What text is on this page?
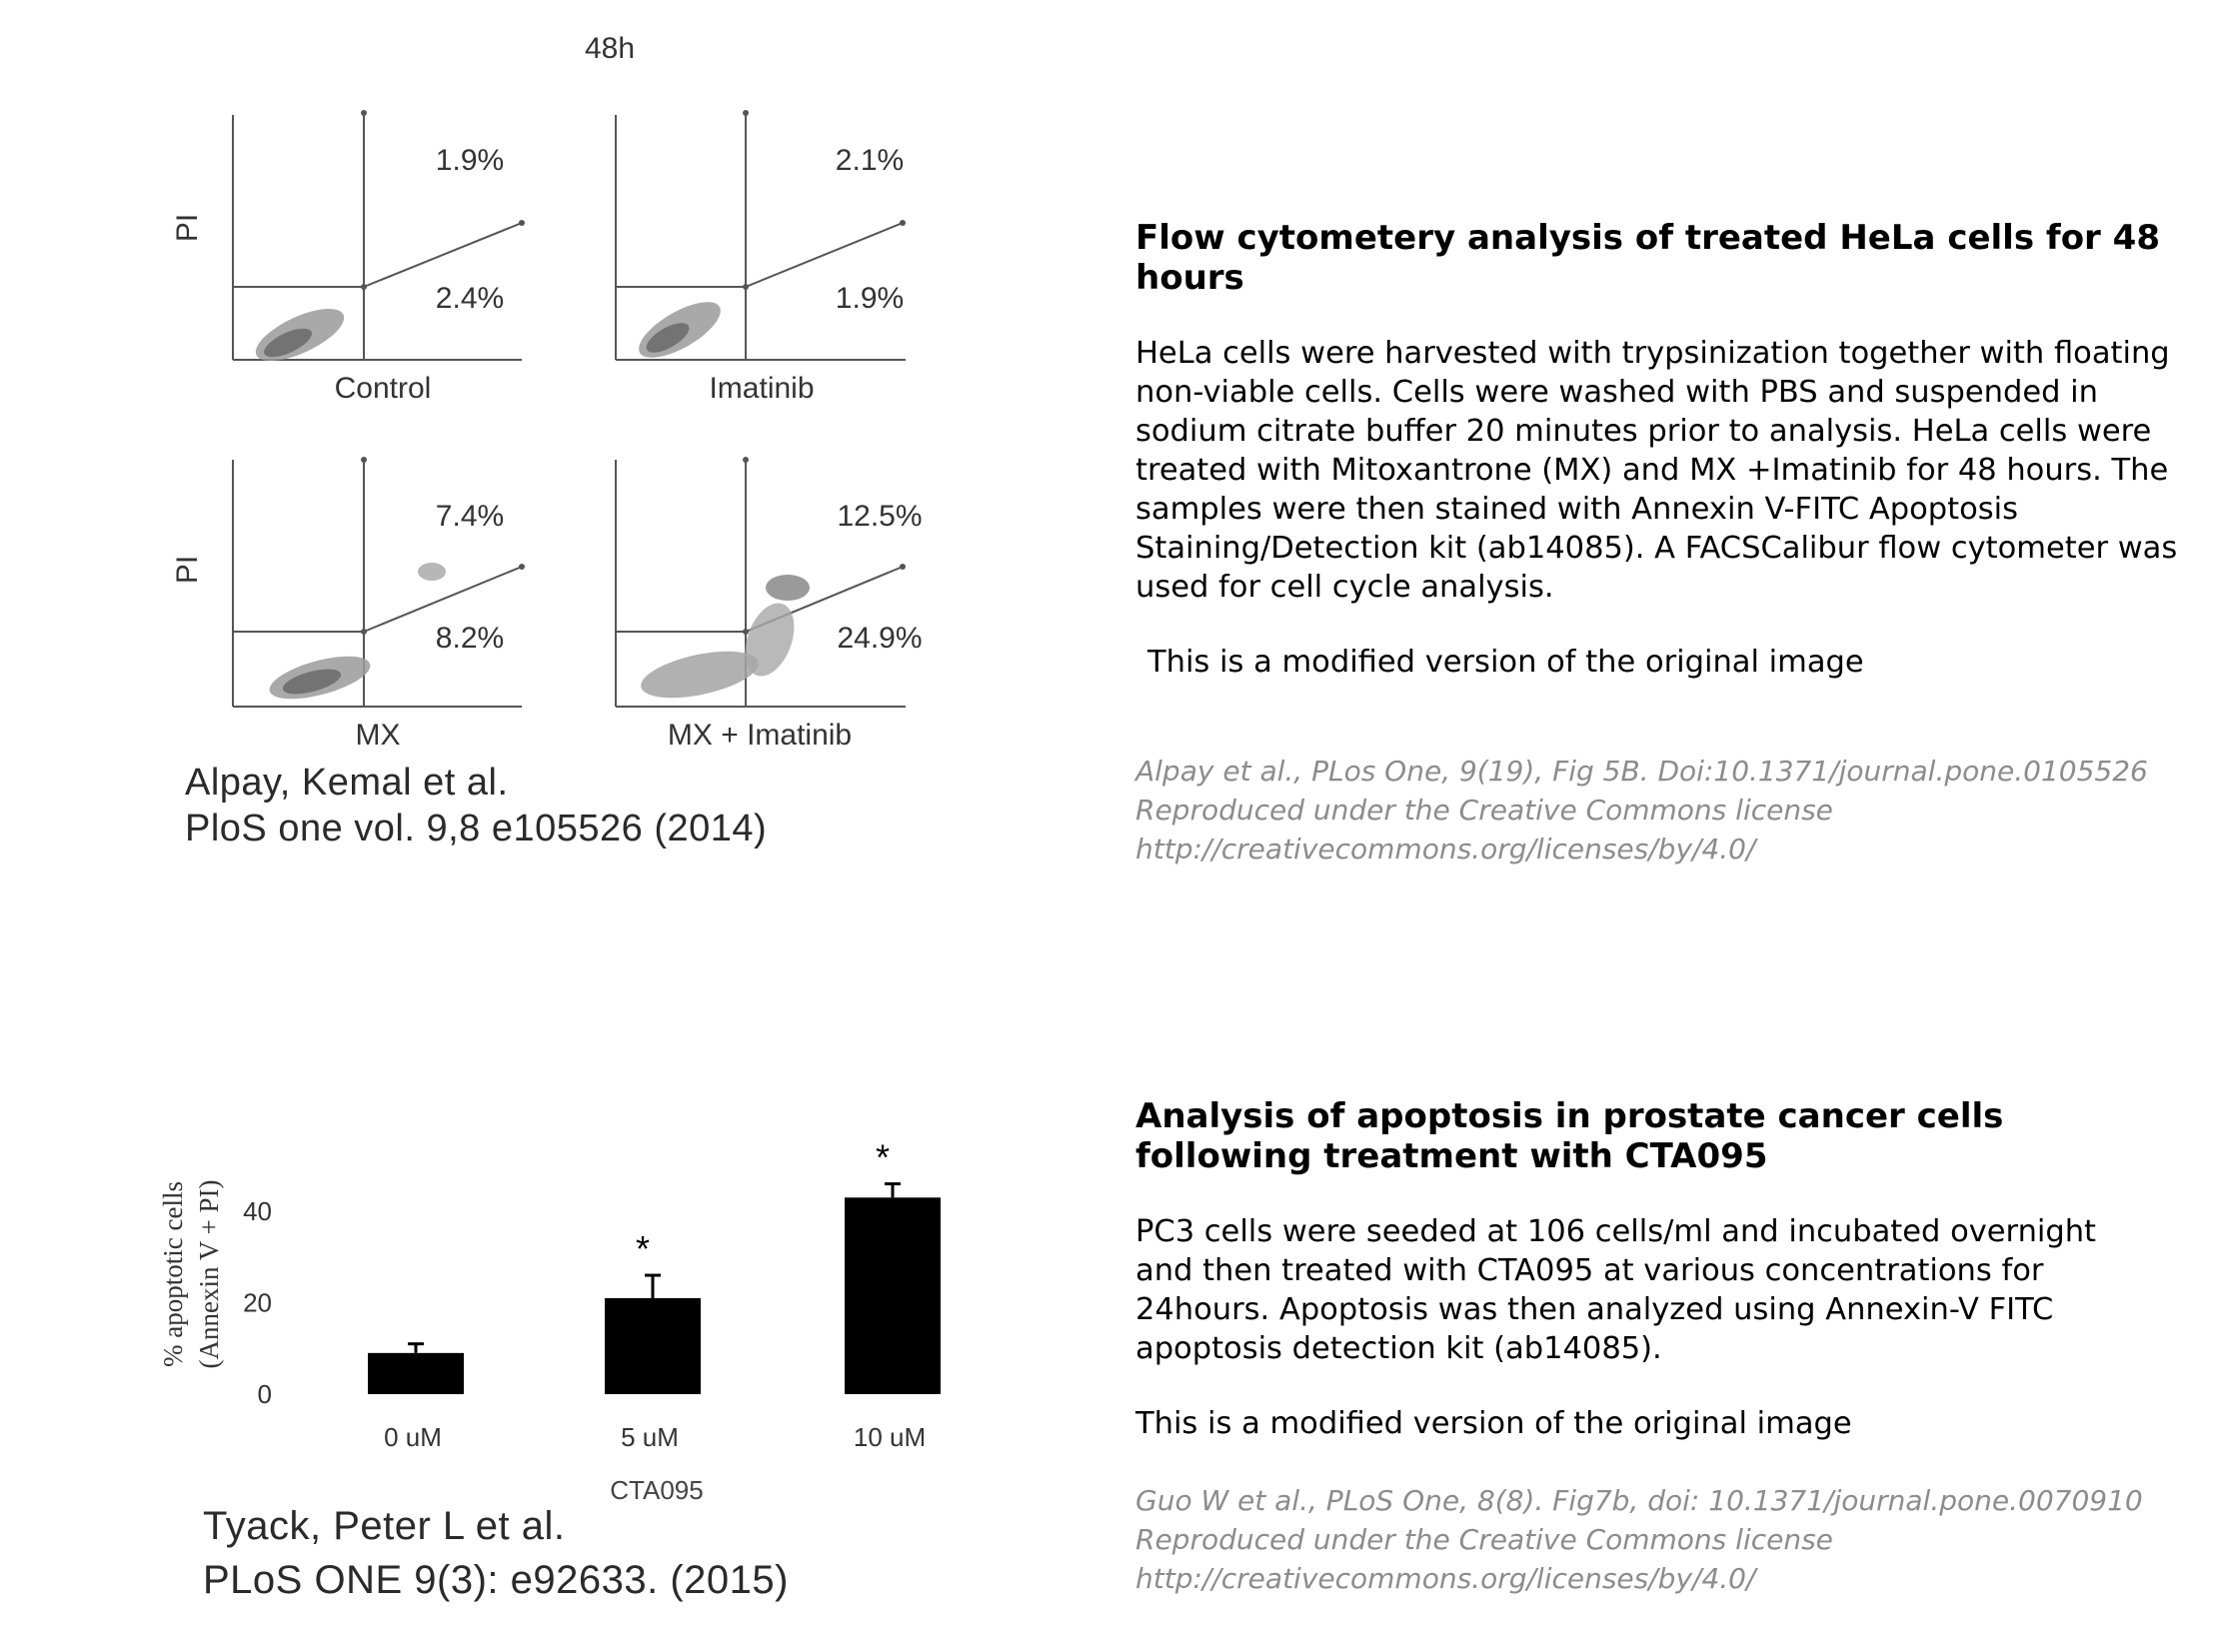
48h
PI
PI
1.9%
2.4%
Control
2.1%
1.9%
Imatinib
7.4%
8.2%
MX
12.5%
24.9%
MX + Imatinib
Alpay, Kemal et al.
PloS one vol. 9,8 e105526 (2014)
Flow cytometery analysis of treated HeLa cells for 48 hours
HeLa cells were harvested with trypsinization together with floating non-viable cells. Cells were washed with PBS and suspended in sodium citrate buffer 20 minutes prior to analysis. HeLa cells were treated with Mitoxantrone (MX) and MX +Imatinib for 48 hours. The samples were then stained with Annexin V-FITC Apoptosis Staining/Detection kit (ab14085). A FACSCalibur flow cytometer was used for cell cycle analysis.
This is a modified version of the original image
Alpay et al., PLos One, 9(19), Fig 5B. Doi:10.1371/journal.pone.0105526
Reproduced under the Creative Commons license
http://creativecommons.org/licenses/by/4.0/
0
20
40
0 uM
*
5 uM
*
10 uM
% apoptotic cells (Annexin V + PI)
CTA095
Tyack, Peter L et al.
PLoS ONE 9(3): e92633. (2015)
Analysis of apoptosis in prostate cancer cells following treatment with CTA095
PC3 cells were seeded at 106 cells/ml and incubated overnight and then treated with CTA095 at various concentrations for 24hours. Apoptosis was then analyzed using Annexin-V FITC apoptosis detection kit (ab14085).
This is a modified version of the original image
Guo W et al., PLoS One, 8(8). Fig7b, doi: 10.1371/journal.pone.0070910
Reproduced under the Creative Commons license
http://creativecommons.org/licenses/by/4.0/
